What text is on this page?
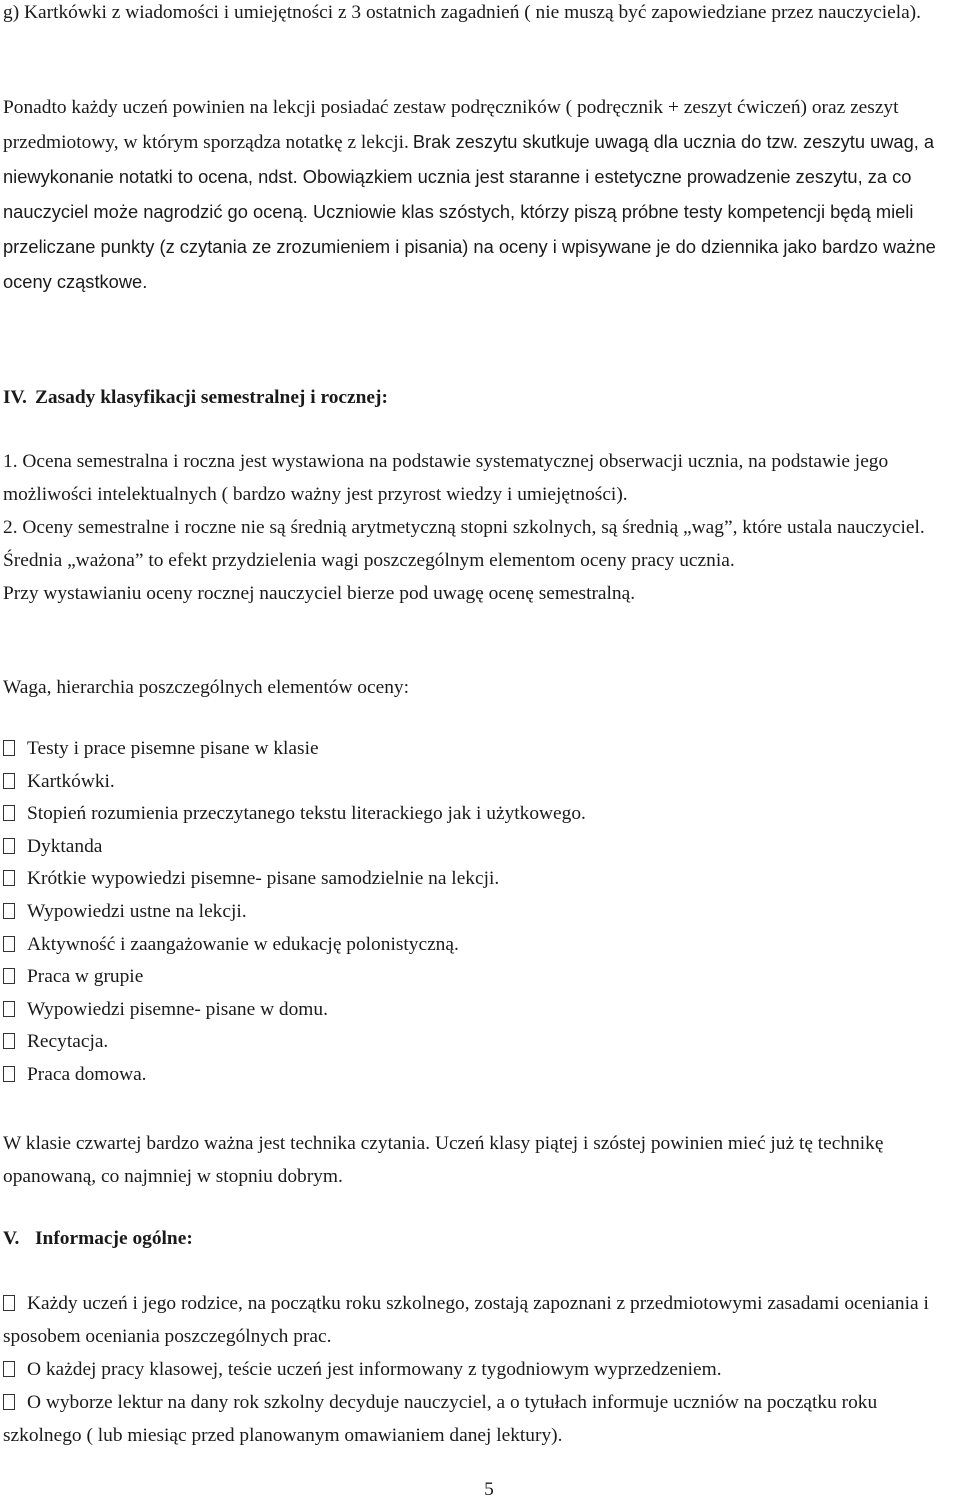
g) Kartkówki z wiadomości i umiejętności z 3 ostatnich zagadnień ( nie muszą być zapowiedziane przez nauczyciela).

Ponadto każdy uczeń powinien na lekcji posiadać zestaw podręczników ( podręcznik + zeszyt ćwiczeń) oraz zeszyt przedmiotowy, w którym sporządza notatkę z lekcji. Brak zeszytu skutkuje uwagą dla ucznia do tzw. zeszytu uwag, a niewykonanie notatki to ocena, ndst. Obowiązkiem ucznia jest staranne i estetyczne prowadzenie zeszytu, za co nauczyciel może nagrodzić go oceną. Uczniowie klas szóstych, którzy piszą próbne testy kompetencji będą mieli przeliczane punkty (z czytania ze zrozumieniem i pisania) na oceny i wpisywane je do dziennika jako bardzo ważne oceny cząstkowe.

IV. Zasady klasyfikacji semestralnej i rocznej:
1. Ocena semestralna i roczna jest wystawiona na podstawie systematycznej obserwacji ucznia, na podstawie jego możliwości intelektualnych ( bardzo ważny jest przyrost wiedzy i umiejętności).
2. Oceny semestralne i roczne nie są średnią arytmetyczną stopni szkolnych, są średnią „wag”, które ustala nauczyciel. Średnia „ważona” to efekt przydzielenia wagi poszczególnym elementom oceny pracy ucznia.
Przy wystawianiu oceny rocznej nauczyciel bierze pod uwagę ocenę semestralną.

Waga, hierarchia poszczególnych elementów oceny:

Testy i prace pisemne pisane w klasie
Kartkówki.
Stopień rozumienia przeczytanego tekstu literackiego jak i użytkowego.
Dyktanda
Krótkie wypowiedzi pisemne- pisane samodzielnie na lekcji.
Wypowiedzi ustne na lekcji.
Aktywność i zaangażowanie w edukację polonistyczną.
Praca w grupie
Wypowiedzi pisemne- pisane w domu.
Recytacja.
Praca domowa.

W klasie czwartej bardzo ważna jest technika czytania. Uczeń klasy piątej i szóstej powinien mieć już tę technikę opanowaną, co najmniej w stopniu dobrym.

V. Informacje ogólne:
Każdy uczeń i jego rodzice, na początku roku szkolnego, zostają zapoznani z przedmiotowymi zasadami oceniania i sposobem oceniania poszczególnych prac.
O każdej pracy klasowej, teście uczeń jest informowany z tygodniowym wyprzedzeniem.
O wyborze lektur na dany rok szkolny decyduje nauczyciel, a o tytułach informuje uczniów na początku roku szkolnego ( lub miesiąc przed planowanym omawianiem danej lektury).
5
